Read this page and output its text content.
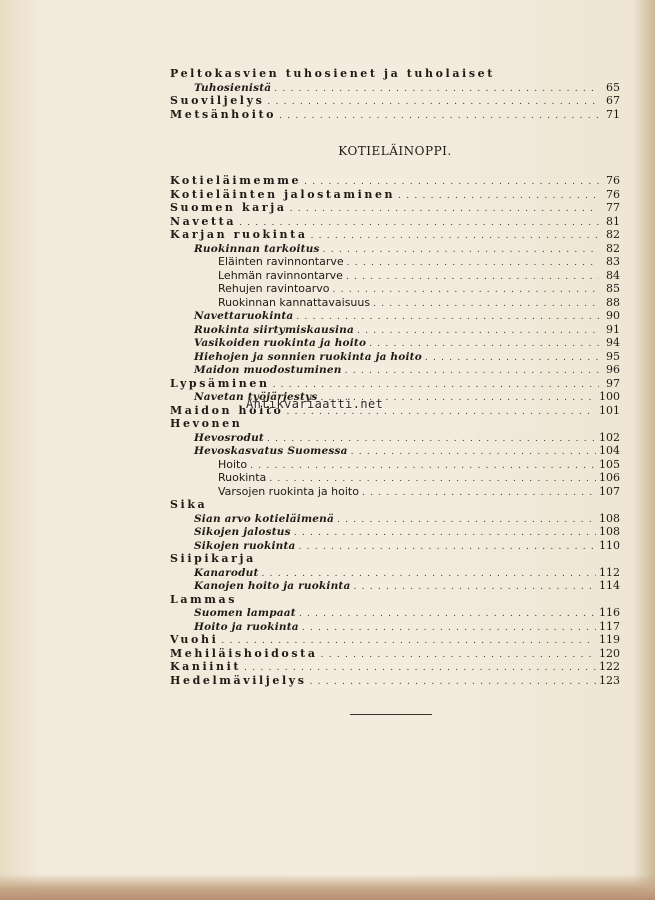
Peltokasvien tuhosienet ja tuholaiset
Tuhosienistä . . .	65
Suoviljelys . . .	67
Metsänhoito . . .	71
KOTIELÄINOPPI.
Kotieläimemme . . .	76
Kotieläinten jalostaminen . . .	76
Suomen karja . . .	77
Navetta . . .	81
Karjan ruokinta . . .	82
Ruokinnan tarkoitus . . .	82
Eläinten ravinnontarve . . .	83
Lehmän ravinnontarve . . .	84
Rehujen ravintoarvo . . .	85
Ruokinnan kannattavaisuus . . .	88
Navettaruokinta . . .	90
Ruokinta siirtymiskausina . . .	91
Vasikoiden ruokinta ja hoito . . .	94
Hiehojen ja sonnien ruokinta ja hoito . . .	95
Maidon muodostuminen . . .	96
Lypsäminen . . .	97
Navetan työjärjestys . . .	100
Maidon hoito . . .	101
Hevonen
Hevosrodut . . .	102
Hevoskasvatus Suomessa . . .	104
Hoito . . .	105
Ruokinta . . .	106
Varsojen ruokinta ja hoito . . .	107
Sika
Sian arvo kotieläimenä . . .	108
Sikojen jalostus . . .	108
Sikojen ruokinta . . .	110
Siipikarja
Kanarodut . . .	112
Kanojen hoito ja ruokinta . . .	114
Lammas
Suomen lampaat . . .	116
Hoito ja ruokinta . . .	117
Vuohi . . .	119
Mehiläishoidosta . . .	120
Kaniinit . . .	122
Hedelmäviljelys . . .	123
Antikvariaatti.net
